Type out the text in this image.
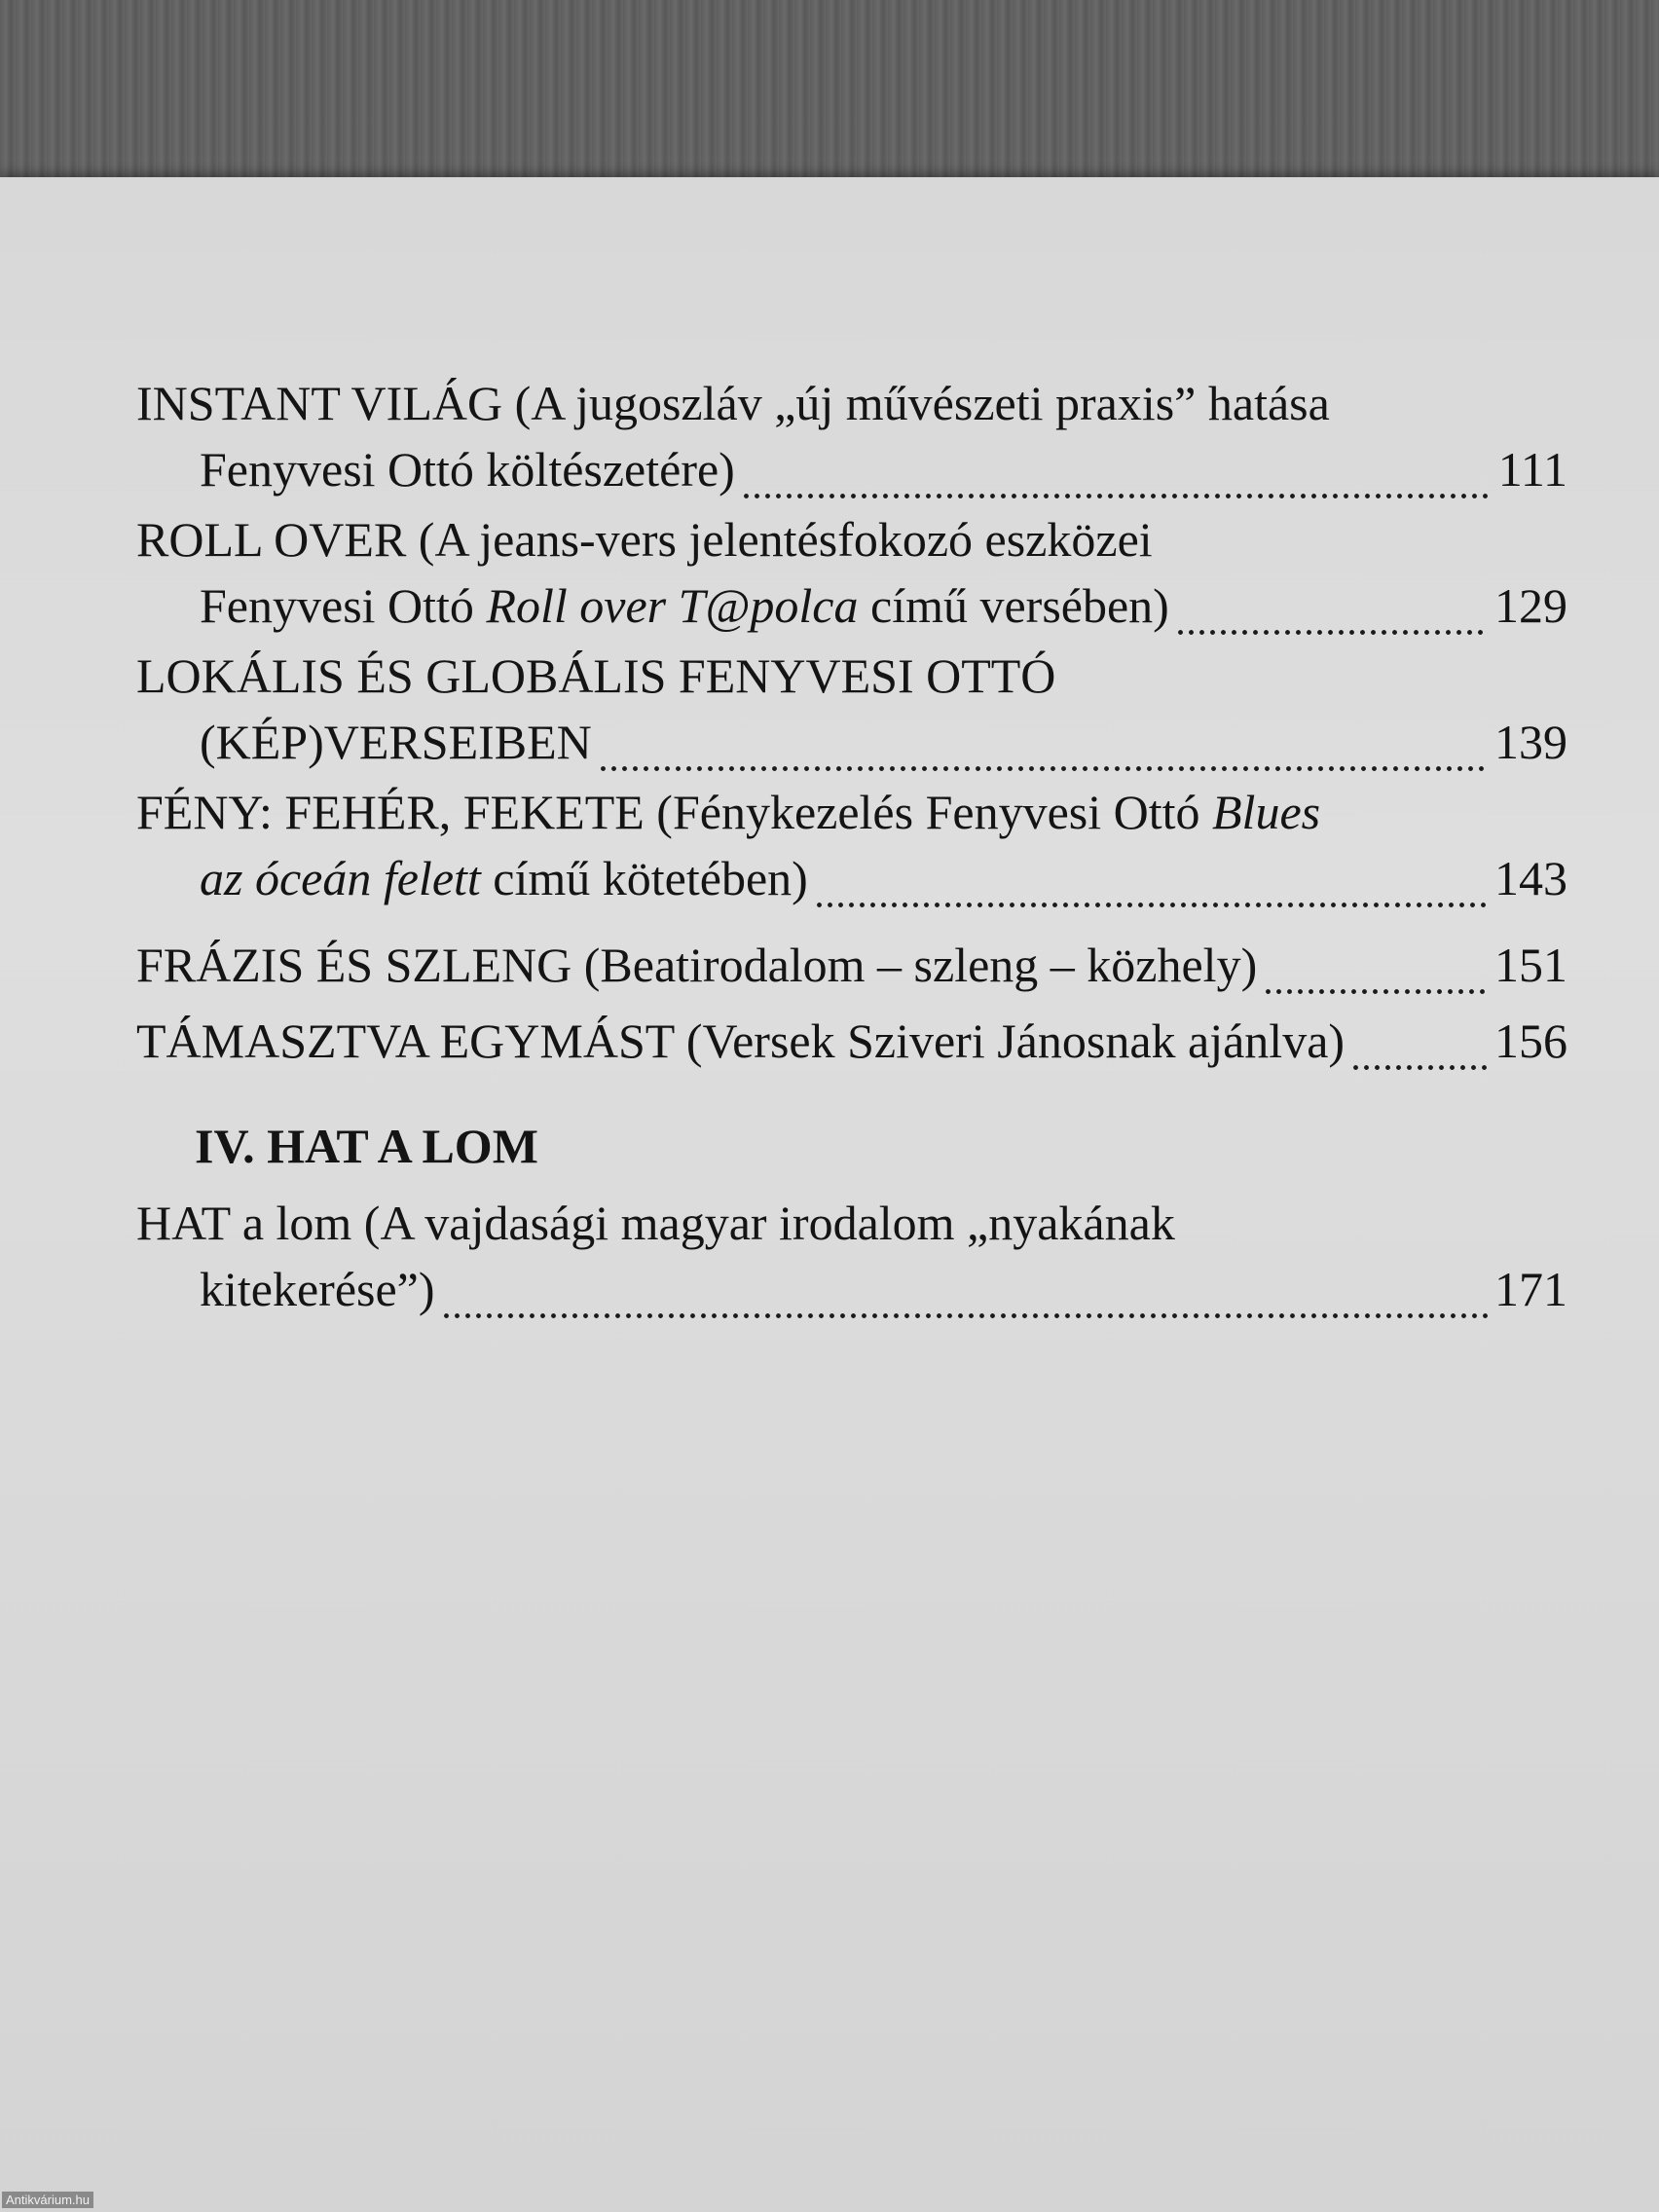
INSTANT VILÁG (A jugoszláv „új művészeti praxis” hatása
Fenyvesi Ottó költészetére)	111
ROLL OVER (A jeans-vers jelentésfokozó eszközei
Fenyvesi Ottó Roll over T@polca című versében)	129
LOKÁLIS ÉS GLOBÁLIS FENYVESI OTTÓ
(KÉP)VERSEIBEN	139
FÉNY: FEHÉR, FEKETE (Fénykezelés Fenyvesi Ottó Blues
az óceán felett című kötetében)	143
FRÁZIS ÉS SZLENG (Beatirodalom – szleng – közhely)	151
TÁMASZTVA EGYMÁST (Versek Sziveri Jánosnak ajánlva)	156
IV. HAT A LOM
HAT a lom (A vajdasági magyar irodalom „nyakának
kitekerése”)	171
Antikvárium.hu
